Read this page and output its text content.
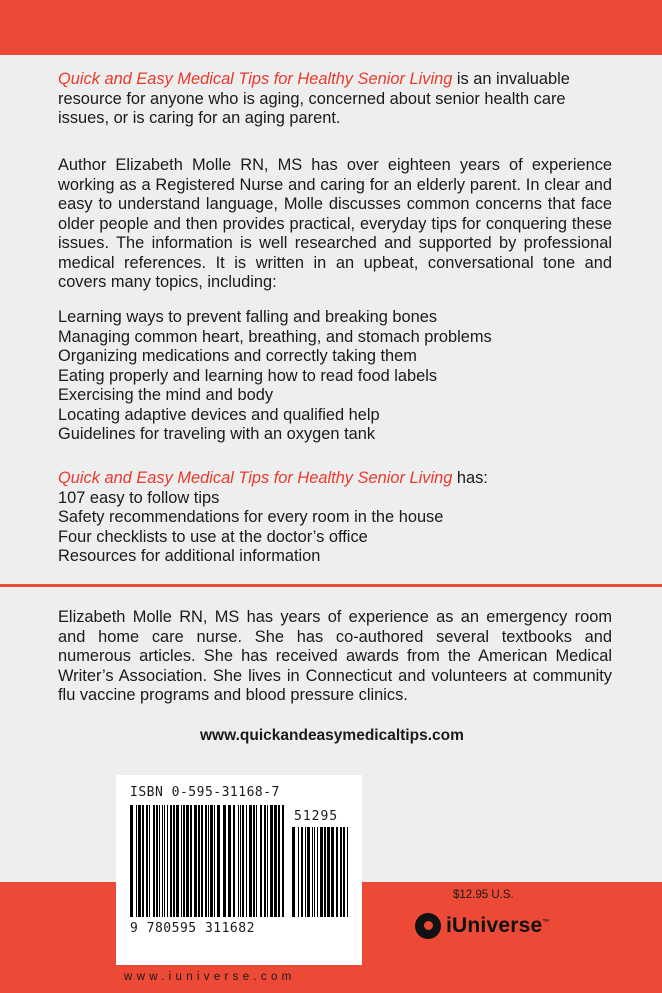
Quick and Easy Medical Tips for Healthy Senior Living is an invaluable resource for anyone who is aging, concerned about senior health care issues, or is caring for an aging parent.
Author Elizabeth Molle RN, MS has over eighteen years of experience working as a Registered Nurse and caring for an elderly parent. In clear and easy to understand language, Molle discusses common concerns that face older people and then provides practical, everyday tips for conquering these issues. The information is well researched and supported by professional medical references. It is written in an upbeat, conversational tone and covers many topics, including:
Learning ways to prevent falling and breaking bones
Managing common heart, breathing, and stomach problems
Organizing medications and correctly taking them
Eating properly and learning how to read food labels
Exercising the mind and body
Locating adaptive devices and qualified help
Guidelines for traveling with an oxygen tank
Quick and Easy Medical Tips for Healthy Senior Living has:
107 easy to follow tips
Safety recommendations for every room in the house
Four checklists to use at the doctor’s office
Resources for additional information
Elizabeth Molle RN, MS has years of experience as an emergency room and home care nurse. She has co-authored several textbooks and numerous articles. She has received awards from the American Medical Writer’s Association. She lives in Connecticut and volunteers at community flu vaccine programs and blood pressure clinics.
www.quickandeasymedicaltips.com
ISBN 0-595-31168-7
51295
9 780595 311682
$12.95 U.S.
iUniverse™
www.iuniverse.com
